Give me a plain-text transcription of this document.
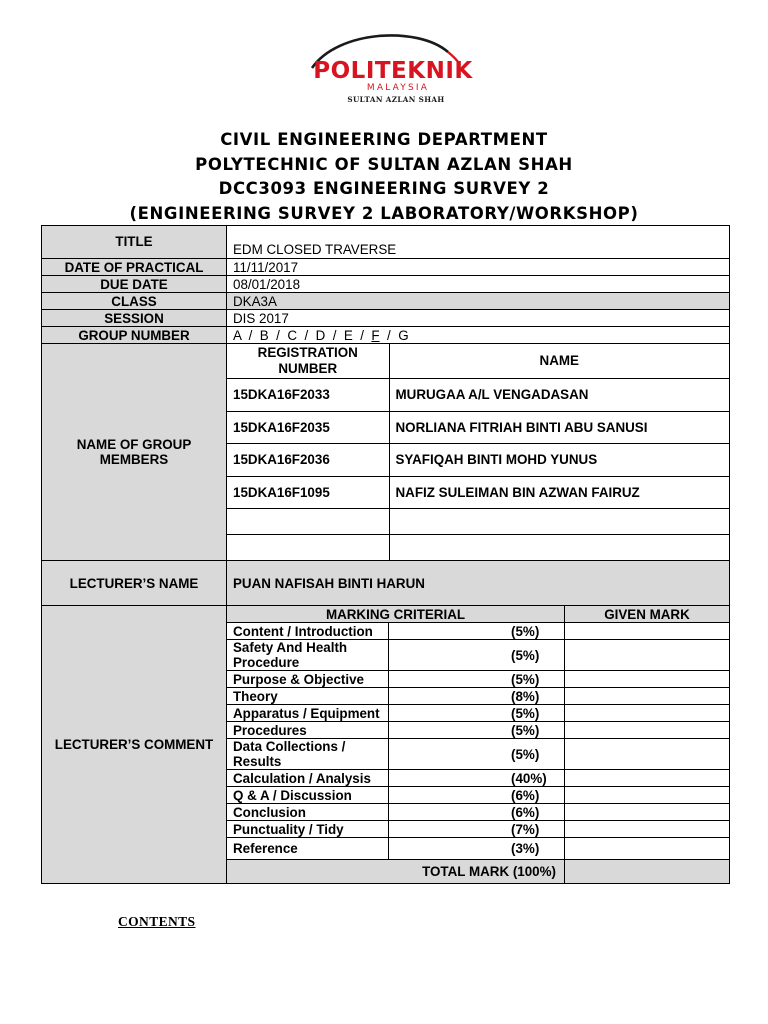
POLITEKNIK
MALAYSIA
SULTAN AZLAN SHAH
CIVIL ENGINEERING DEPARTMENT
POLYTECHNIC OF SULTAN AZLAN SHAH
DCC3093 ENGINEERING SURVEY 2
(ENGINEERING SURVEY 2 LABORATORY/WORKSHOP)
TITLE	EDM CLOSED TRAVERSE
DATE OF PRACTICAL	11/11/2017
DUE DATE	08/01/2018
CLASS	DKA3A
SESSION	DIS 2017
GROUP NUMBER	A  /  B  /  C  /  D  /  E  /  F  /  G
NAME OF GROUP MEMBERS	
REGISTRATION NUMBER	NAME
15DKA16F2033	MURUGAA A/L VENGADASAN
15DKA16F2035	NORLIANA FITRIAH BINTI ABU SANUSI
15DKA16F2036	SYAFIQAH BINTI MOHD YUNUS
15DKA16F1095	NAFIZ SULEIMAN BIN AZWAN FAIRUZ

LECTURER’S NAME	PUAN NAFISAH BINTI HARUN
LECTURER’S COMMENT	MARKING CRITERIAL	GIVEN MARK
Content / Introduction	(5%)	
Safety And Health Procedure	(5%)	
Purpose & Objective	(5%)	
Theory	(8%)	
Apparatus / Equipment	(5%)	
Procedures	(5%)	
Data Collections / Results	(5%)	
Calculation / Analysis	(40%)	
Q & A / Discussion	(6%)	
Conclusion	(6%)	
Punctuality / Tidy	(7%)	
Reference	(3%)	
TOTAL MARK (100%)	
CONTENTS
